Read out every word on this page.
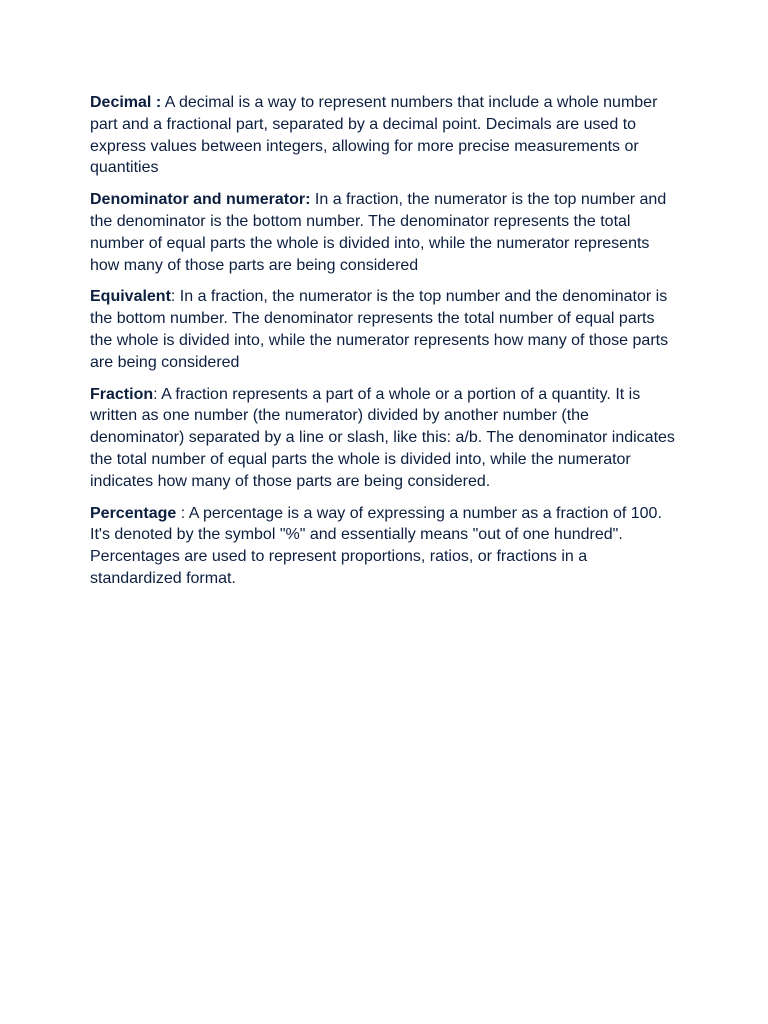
Decimal : A decimal is a way to represent numbers that include a whole number part and a fractional part, separated by a decimal point. Decimals are used to express values between integers, allowing for more precise measurements or quantities

Denominator and numerator: In a fraction, the numerator is the top number and the denominator is the bottom number. The denominator represents the total number of equal parts the whole is divided into, while the numerator represents how many of those parts are being considered

Equivalent: In a fraction, the numerator is the top number and the denominator is the bottom number. The denominator represents the total number of equal parts the whole is divided into, while the numerator represents how many of those parts are being considered

Fraction: A fraction represents a part of a whole or a portion of a quantity. It is written as one number (the numerator) divided by another number (the denominator) separated by a line or slash, like this: a/b. The denominator indicates the total number of equal parts the whole is divided into, while the numerator indicates how many of those parts are being considered.

Percentage : A percentage is a way of expressing a number as a fraction of 100. It's denoted by the symbol "%" and essentially means "out of one hundred". Percentages are used to represent proportions, ratios, or fractions in a standardized format.
